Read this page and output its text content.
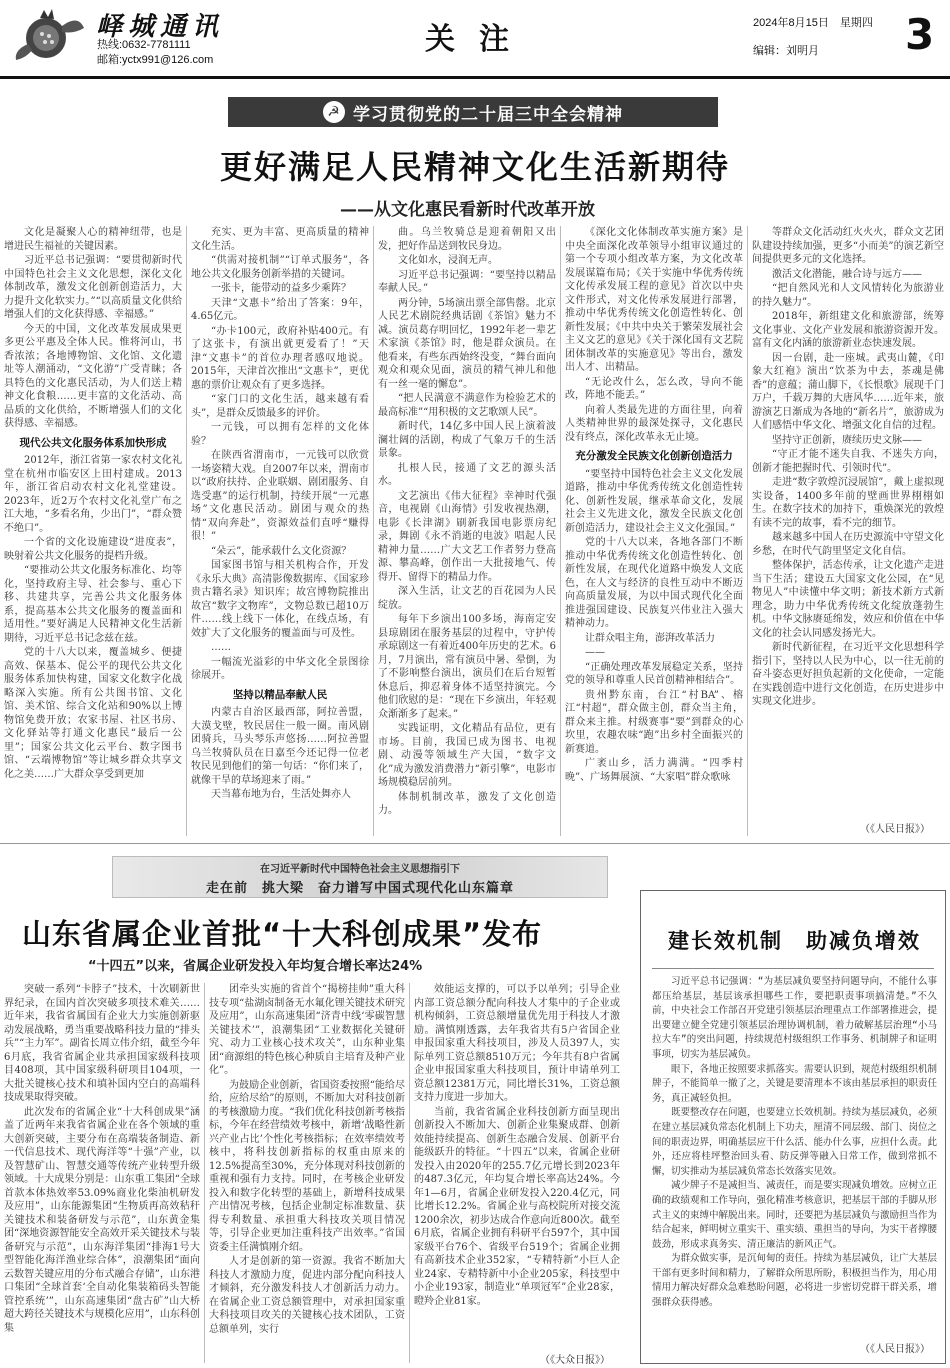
峄城通讯
热线:0632-7781111
邮箱:yctx991@126.com
关注	2024年8月15日　星期四
编辑：刘明月 3
☭ 学习贯彻党的二十届三中全会精神
更好满足人民精神文化生活新期待
——从文化惠民看新时代改革开放

文化是凝聚人心的精神纽带，也是增进民生福祉的关键因素。

习近平总书记强调：“要贯彻新时代中国特色社会主义文化思想，深化文化体制改革，激发文化创新创造活力，大力提升文化软实力。”“以高质量文化供给增强人们的文化获得感、幸福感。”

今天的中国，文化改革发展成果更多更公平惠及全体人民。惟将河山，书香浓浓；各地博物馆、文化馆、文化遗址等人潮涌动，“文化游”广受青睐；各具特色的文化惠民活动，为人们送上精神文化食粮……更丰富的文化活动、高品质的文化供给，不断增强人们的文化获得感、幸福感。

现代公共文化服务体系加快形成

2012年，浙江省第一家农村文化礼堂在杭州市临安区上田村建成。2013年，浙江省启动农村文化礼堂建设。2023年，近2万个农村文化礼堂广布之江大地，“多看名角，少出门”，“群众赞不绝口”。

一个省的文化设施建设“进度表”，映射着公共文化服务的提档升级。

“要推动公共文化服务标准化、均等化，坚持政府主导、社会参与、重心下移、共建共享，完善公共文化服务体系，提高基本公共文化服务的覆盖面和适用性。”要好满足人民精神文化生活新期待，习近平总书记念兹在兹。

党的十八大以来，覆盖城乡、便捷高效、保基本、促公平的现代公共文化服务体系加快构建，国家文化数字化战略深入实施。所有公共图书馆、文化馆、美术馆、综合文化站和90%以上博物馆免费开放；农家书屋、社区书房、文化驿站等打通文化惠民“最后一公里”；国家公共文化云平台、数字图书馆、“云端博物馆”等让城乡群众共享文化之美……广大群众享受到更加

充实、更为丰富、更高质量的精神文化生活。

“供需对接机制”“订单式服务”，各地公共文化服务创新举措的关键词。

一张卡，能带动的益多少乘阵？

天津“文惠卡”给出了答案：9年，4.65亿元。

“办卡100元，政府补贴400元。有了这张卡，有演出就更爱看了！”天津“文惠卡”的首位办理者感叹地说。2015年，天津首次推出“文惠卡”，更优惠的票价让观众有了更多选择。

“家门口的文化生活，越来越有看头”，是群众反馈最多的评价。

一元钱，可以拥有怎样的文化体验？

在陕西省渭南市，一元钱可以欣赏一场姿精大戏。自2007年以来，渭南市以“政府扶持、企业联姻、剧团服务、自选受惠”的运行机制，持续开展“一元惠场”文化惠民活动。剧团与观众的热情“双向奔赴”，资源效益们直呼“赚得很！”

“朵云”，能承载什么文化资源？

国家图书馆与相关机构合作，开发《永乐大典》高清影像数据库、《国家珍贵古籍名录》知识库；故宫博物院推出故宫“数字文物库”，文物总数已超10万件……线上线下一体化，在线点场，有效扩大了文化服务的覆盖面与可及性。

……

一幅流光溢彩的中华文化全景图徐徐展开。

坚持以精品奉献人民

内蒙古自治区最西部，阿拉善盟，大漠戈壁，牧民居住一般一圈。南风剧团骑兵，马头琴乐声悠扬……阿拉善盟乌兰牧骑队员在日嘉至今还记得一位老牧民见到他们的第一句话：“你们来了，就像干旱的草场迎来了雨。”

天当幕布地为台，生活处舞亦人

曲。乌兰牧骑总是迎着朝阳又出发，把好作品送到牧民身边。

文化如水，浸润无声。

习近平总书记强调：“要坚持以精品奉献人民。”

两分钟，5场演出票全部售罄。北京人民艺术剧院经典话剧《茶馆》魅力不减。演员葛存明回忆，1992年老一辈艺术家演《茶馆》时，他是群众演员。在他看来，有些东西始终没变，“舞台面向观众和观众见面，演员的精气神儿和他有一丝一毫的懈怠”。

“把人民满意不满意作为检验艺术的最高标准”“用积极的文艺歌颂人民”。

新时代，14亿多中国人民上演着波澜壮阔的活剧，构成了气象万千的生活景象。

扎根人民，接通了文艺的源头活水。

文艺演出《伟大征程》幸神时代强音，电视剧《山海情》引发收视热潮，电影《长津湖》刷新我国电影票房纪录，舞剧《永不消逝的电波》唱起人民精神力量……广大文艺工作者努力登高源、攀高峰，创作出一大批接地气、传得开、留得下的精品力作。

深入生活，让文艺的百花园为人民绽放。

每年下乡演出100多场，海南定安县琼剧团在服务基层的过程中，守护传承琼剧这一有着近400年历史的艺术。6月，7月演出，常有演员中暑、晕倒，为了不影响整台演出，演员们在后台短暂休息后，抑忍着身体不适坚持演完。今他们欣慰的是：“现在下乡演出，年轻观众渐渐多了起来。”

实践证明，文化精品有品位，更有市场。目前，我国已成为图书、电视剧、动漫等领域生产大国，“数字文化”成为激发消费潜力“新引擎”，电影市场规模稳居前列。

体制机制改革，激发了文化创造力。

《深化文化体制改革实施方案》是中央全面深化改革领导小组审议通过的第一个专项小组改革方案，为文化改革发展谋篇布局；《关于实施中华优秀传统文化传承发展工程的意见》首次以中央文件形式，对文化传承发展进行部署，推动中华优秀传统文化创造性转化、创新性发展；《中共中央关于繁荣发展社会主义文艺的意见》《关于深化国有文艺院团体制改革的实施意见》等出台，激发出人才、出精品。

“无论改什么，怎么改，导向不能改，阵地不能丢。”

向着人类最先进的方面往里，向着人类精神世界的最深处探寻，文化惠民没有终点，深化改革永无止境。

充分激发全民族文化创新创造活力

“要坚持中国特色社会主义文化发展道路，推动中华优秀传统文化创造性转化、创新性发展，继承革命文化，发展社会主义先进文化，激发全民族文化创新创造活力，建设社会主义文化强国。”

党的十八大以来，各地各部门不断推动中华优秀传统文化创造性转化、创新性发展，在现代化道路中焕发人文底色，在人文与经济的良性互动中不断迈向高质量发展，为以中国式现代化全面推进强国建设、民族复兴伟业注入强大精神动力。

让群众唱主角，澎湃改革活力

——

“正确处理改革发展稳定关系，坚持党的领导和尊重人民首创精神相结合”。

贵州黔东南，台江“村BA”、榕江“村超”，群众做主创，群众当主角，群众来主推。村级赛事“要”到群众的心坎里，农趣农味“跑”出乡村全面振兴的新赛道。

广袤山乡，活力满满。“四季村晚”、广场舞展演、“大家唱”群众歌咏

等群众文化活动红火火火，群众文艺团队建设持续加强，更多“小而美”的演艺新空间提供更多元的文化选择。

激活文化潜能，融合诗与远方——

“把自然风光和人文风情转化为旅游业的持久魅力”。

2018年，新组建文化和旅游部，统筹文化事业、文化产业发展和旅游资源开发。富有文化内涵的旅游新业态快速发展。

因一台剧，赴一座城。武夷山麓，《印象大红袍》演出“饮茶为中去，茶魂是佛香”的意蕴；蒲山脚下，《长恨歌》展现千门万户，千载万舞的大唐风华……近年来，旅游演艺日渐成为各地的“新名片”，旅游成为人们感悟中华文化、增强文化自信的过程。

坚持守正创新，赓续历史文脉——

“守正才能不迷失自我、不迷失方向，创新才能把握时代、引领时代”。

走进“数字敦煌沉浸展馆”，戴上虚拟现实设备，1400多年前的壁画世界栩栩如生。在数字技术的加持下，重焕深光的敦煌有读不完的故事，看不完的细节。

越来越多中国人在历史源流中守望文化乡愁，在时代气韵里坚定文化自信。

整体保护，活态传承，让文化遗产走进当下生活；建设五大国家文化公园，在“见物见人”中读懂中华文明；新技术新方式新理念，助力中华优秀传统文化绽放蓬勃生机。中华文脉赓延绵发，效应和价值在中华文化的社会认同感发扬光大。

新时代新征程，在习近平文化思想科学指引下，坚持以人民为中心，以一往无前的奋斗姿态更好担负起新的文化使命，一定能在实践创造中进行文化创造，在历史进步中实现文化进步。

（《人民日报》）
在习近平新时代中国特色社会主义思想指引下
走在前　挑大梁　奋力谱写中国式现代化山东篇章
山东省属企业首批“十大科创成果”发布
“十四五”以来，省属企业研发投入年均复合增长率达24%

突破一系列“卡脖子”技术，十次刷新世界纪录，在国内首次突破多项技术难关……近年来，我省省属国有企业大力实施创新驱动发展战略，勇当重要战略科技力量的“排头兵”“主力军”。副省长周立伟介绍，截至今年6月底，我省省属企业共承担国家级科技项目408项，其中国家级科研项目104项，一大批关键核心技术和填补国内空白的高端科技成果取得突破。

此次发布的省属企业“十大科创成果”涵盖了近两年来我省省属企业在各个领域的重大创新突破，主要分布在高端装备制造、新一代信息技术、现代海洋等“十强”产业，以及智慧矿山、智慧交通等传统产业转型升级领域。十大成果分别是：山东重工集团“全球首款本体热效率53.09%商业化柴油机研发及应用”，山东能源集团“生物质再高效秸秆关键技术和装备研发与示范”，山东黄金集团“深地资源智能安全高效开采关键技术与装备研究与示范”，山东海洋集团“排海1号大型智能化海洋渔业综合体”，浪潮集团“面向云数智关键应用的分布式融合存储”，山东港口集团“全球首套‘全自动化集装箱码头智能管控系统’”，山东高速集团“盘古矿”山大桥超大跨径关键技术与规模化应用”，山东科创集

团牵头实施的省首个“揭榜挂帅”重大科技专项“盐湖卤制备无水氟化锂关键技术研究及应用”，山东高速集团“济青中线‘零碳智慧关键技术’”，浪潮集团“工业数据化关键研究、动力工业核心技术攻关”，山东种业集团“商源组的特色核心种质自主培育及种产业化”。

为鼓励企业创新，省国资委按照“能给尽给，应给尽给”的原则，不断加大对科技创新的考核激励力度。“我们优化科技创新考核指标，今年在经营绩效考核中，新增‘战略性新兴产业占比’个性化考核指标；在效率绩效考核中，将科技创新指标的权重由原来的12.5%提高至30%，充分体现对科技创新的重视和强有力支持。同时，在考核企业研发投入和数字化转型的基础上，新增科技成果产出情况考核，包括企业制定标准数量、获得专利数量、承担重大科技攻关项目情况等，引导企业更加注重科技产出效率。”省国资委主任满慎刚介绍。

人才是创新的第一资源。我省不断加大科技人才激励力度，促进内部分配向科技人才倾斜，充分激发科技人才创新活力动力。在省属企业工资总额管理中，对承担国家重大科技项目攻关的关键核心技术团队，工资总额单列，实行

效能运支撑的，可以予以单列；引导企业内部工资总额分配向科技人才集中的子企业或机构倾斜，工资总额增量优先用于科技人才激励。满慎刚透露，去年我省共有5户省国企业申报国家重大科技项目，涉及人员397人，实际单列工资总额8510万元；今年共有8户省属企业申报国家重大科技项目，预计申请单列工资总额12381万元，同比增长31%，工资总额支持力度进一步加大。

当前，我省省属企业科技创新方面呈现出创新投入不断加大、创新企业集聚成群、创新效能持续提高、创新生态融合发展、创新平台能级跃升的特征。“十四五”以来，省属企业研发投入由2020年的255.7亿元增长到2023年的487.3亿元，年均复合增长率高达24%。今年1—6月，省属企业研发投入220.4亿元，同比增长12.2%。省属企业与高校院所对接交流1200余次，初步达成合作意向近800次。截至6月底，省属企业拥有科研平台597个，其中国家级平台76个、省级平台519个；省属企业拥有高新技术企业352家，“专精特新”小巨人企业24家、专精特新中小企业205家，科技型中小企业193家，制造业“单项冠军”企业28家，瞪羚企业81家。

（《大众日报》）
建长效机制　助减负增效

习近平总书记强调：“为基层减负要坚持问题导向，不能什么事都压给基层，基层该承担哪些工作，要把职责事项搞清楚。”不久前，中央社会工作部召开党建引领基层治理重点工作部署推进会，提出要建立健全党建引领基层治理协调机制，着力破解基层治理“小马拉大车”的突出问题，持续规范村级组织工作事务、机制牌子和证明事项，切实为基层减负。

眼下，各地正按照要求抓落实。需要认识到，规范村级组织机制牌子，不能简单一撤了之，关键是要清理本不该由基层承担的职责任务，真正减轻负担。

既要整改存在问题，也要建立长效机制。持续为基层减负，必须在建立基层减负常态化机制上下功夫，厘清不同层级、部门、岗位之间的职责边界，明确基层应干什么活、能办什么事，应担什么责。此外，还应将桂坪整治回头看、防反弹等融入日常工作，做到常抓不懈，切实推动为基层减负常态长效落实见效。

减少牌子不是减担当、减责任，而是要实现减负增效。应树立正确的政绩观和工作导向，强化精准考核意识，把基层干部的手脚从形式主义的束缚中解脱出来。同时，还要把为基层减负与激励担当作为结合起来，鲜明树立重实干、重实绩、重担当的导向，为实干者撑腰鼓劲，形成求真务实、清正廉洁的新风正气。

为群众做实事，是沉甸甸的责任。持续为基层减负，让广大基层干部有更多时间和精力，了解群众所思所盼，积极担当作为，用心用情用力解决好群众急难愁盼问题，必将进一步密切党群干群关系，增强群众获得感。

（《人民日报》）
